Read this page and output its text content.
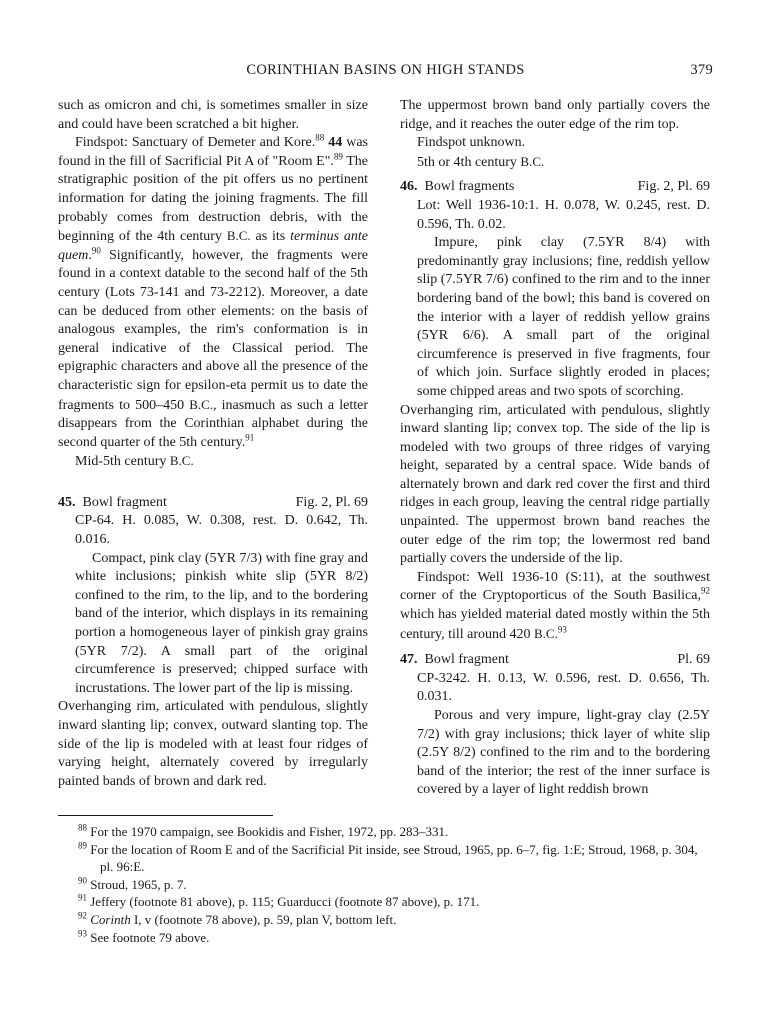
CORINTHIAN BASINS ON HIGH STANDS	379

such as omicron and chi, is sometimes smaller in size and could have been scratched a bit higher.

Findspot: Sanctuary of Demeter and Kore.$^{88}$ 44 was found in the fill of Sacrificial Pit A of "Room E".$^{89}$ The stratigraphic position of the pit offers us no pertinent information for dating the joining fragments. The fill probably comes from destruction debris, with the beginning of the 4th century B.C. as its terminus ante quem.$^{90}$ Significantly, however, the fragments were found in a context datable to the second half of the 5th century (Lots 73-141 and 73-2212). Moreover, a date can be deduced from other elements: on the basis of analogous examples, the rim's conformation is in general indicative of the Classical period. The epigraphic characters and above all the presence of the characteristic sign for epsilon-eta permit us to date the fragments to 500–450 B.C., inasmuch as such a letter disappears from the Corinthian alphabet during the second quarter of the 5th century.$^{91}$

Mid-5th century B.C.

45. Bowl fragment	Fig. 2, Pl. 69

CP-64. H. 0.085, W. 0.308, rest. D. 0.642, Th. 0.016.

Compact, pink clay (5YR 7/3) with fine gray and white inclusions; pinkish white slip (5YR 8/2) confined to the rim, to the lip, and to the bordering band of the interior, which displays in its remaining portion a homogeneous layer of pinkish gray grains (5YR 7/2). A small part of the original circumference is preserved; chipped surface with incrustations. The lower part of the lip is missing.

Overhanging rim, articulated with pendulous, slightly inward slanting lip; convex, outward slanting top. The side of the lip is modeled with at least four ridges of varying height, alternately covered by irregularly painted bands of brown and dark red.

The uppermost brown band only partially covers the ridge, and it reaches the outer edge of the rim top.

Findspot unknown.

5th or 4th century B.C.

46. Bowl fragments	Fig. 2, Pl. 69

Lot: Well 1936-10:1. H. 0.078, W. 0.245, rest. D. 0.596, Th. 0.02.

Impure, pink clay (7.5YR 8/4) with predominantly gray inclusions; fine, reddish yellow slip (7.5YR 7/6) confined to the rim and to the inner bordering band of the bowl; this band is covered on the interior with a layer of reddish yellow grains (5YR 6/6). A small part of the original circumference is preserved in five fragments, four of which join. Surface slightly eroded in places; some chipped areas and two spots of scorching.

Overhanging rim, articulated with pendulous, slightly inward slanting lip; convex top. The side of the lip is modeled with two groups of three ridges of varying height, separated by a central space. Wide bands of alternately brown and dark red cover the first and third ridges in each group, leaving the central ridge partially unpainted. The uppermost brown band reaches the outer edge of the rim top; the lowermost red band partially covers the underside of the lip.

Findspot: Well 1936-10 (S:11), at the southwest corner of the Cryptoporticus of the South Basilica,$^{92}$ which has yielded material dated mostly within the 5th century, till around 420 B.C.$^{93}$

47. Bowl fragment	Pl. 69

CP-3242. H. 0.13, W. 0.596, rest. D. 0.656, Th. 0.031.

Porous and very impure, light-gray clay (2.5Y 7/2) with gray inclusions; thick layer of white slip (2.5Y 8/2) confined to the rim and to the bordering band of the interior; the rest of the inner surface is covered by a layer of light reddish brown

$^{88}$ For the 1970 campaign, see Bookidis and Fisher, 1972, pp. 283–331.

$^{89}$ For the location of Room E and of the Sacrificial Pit inside, see Stroud, 1965, pp. 6–7, fig. 1:E; Stroud, 1968, p. 304, pl. 96:E.

$^{90}$ Stroud, 1965, p. 7.

$^{91}$ Jeffery (footnote 81 above), p. 115; Guarducci (footnote 87 above), p. 171.

$^{92}$ Corinth I, v (footnote 78 above), p. 59, plan V, bottom left.

$^{93}$ See footnote 79 above.
